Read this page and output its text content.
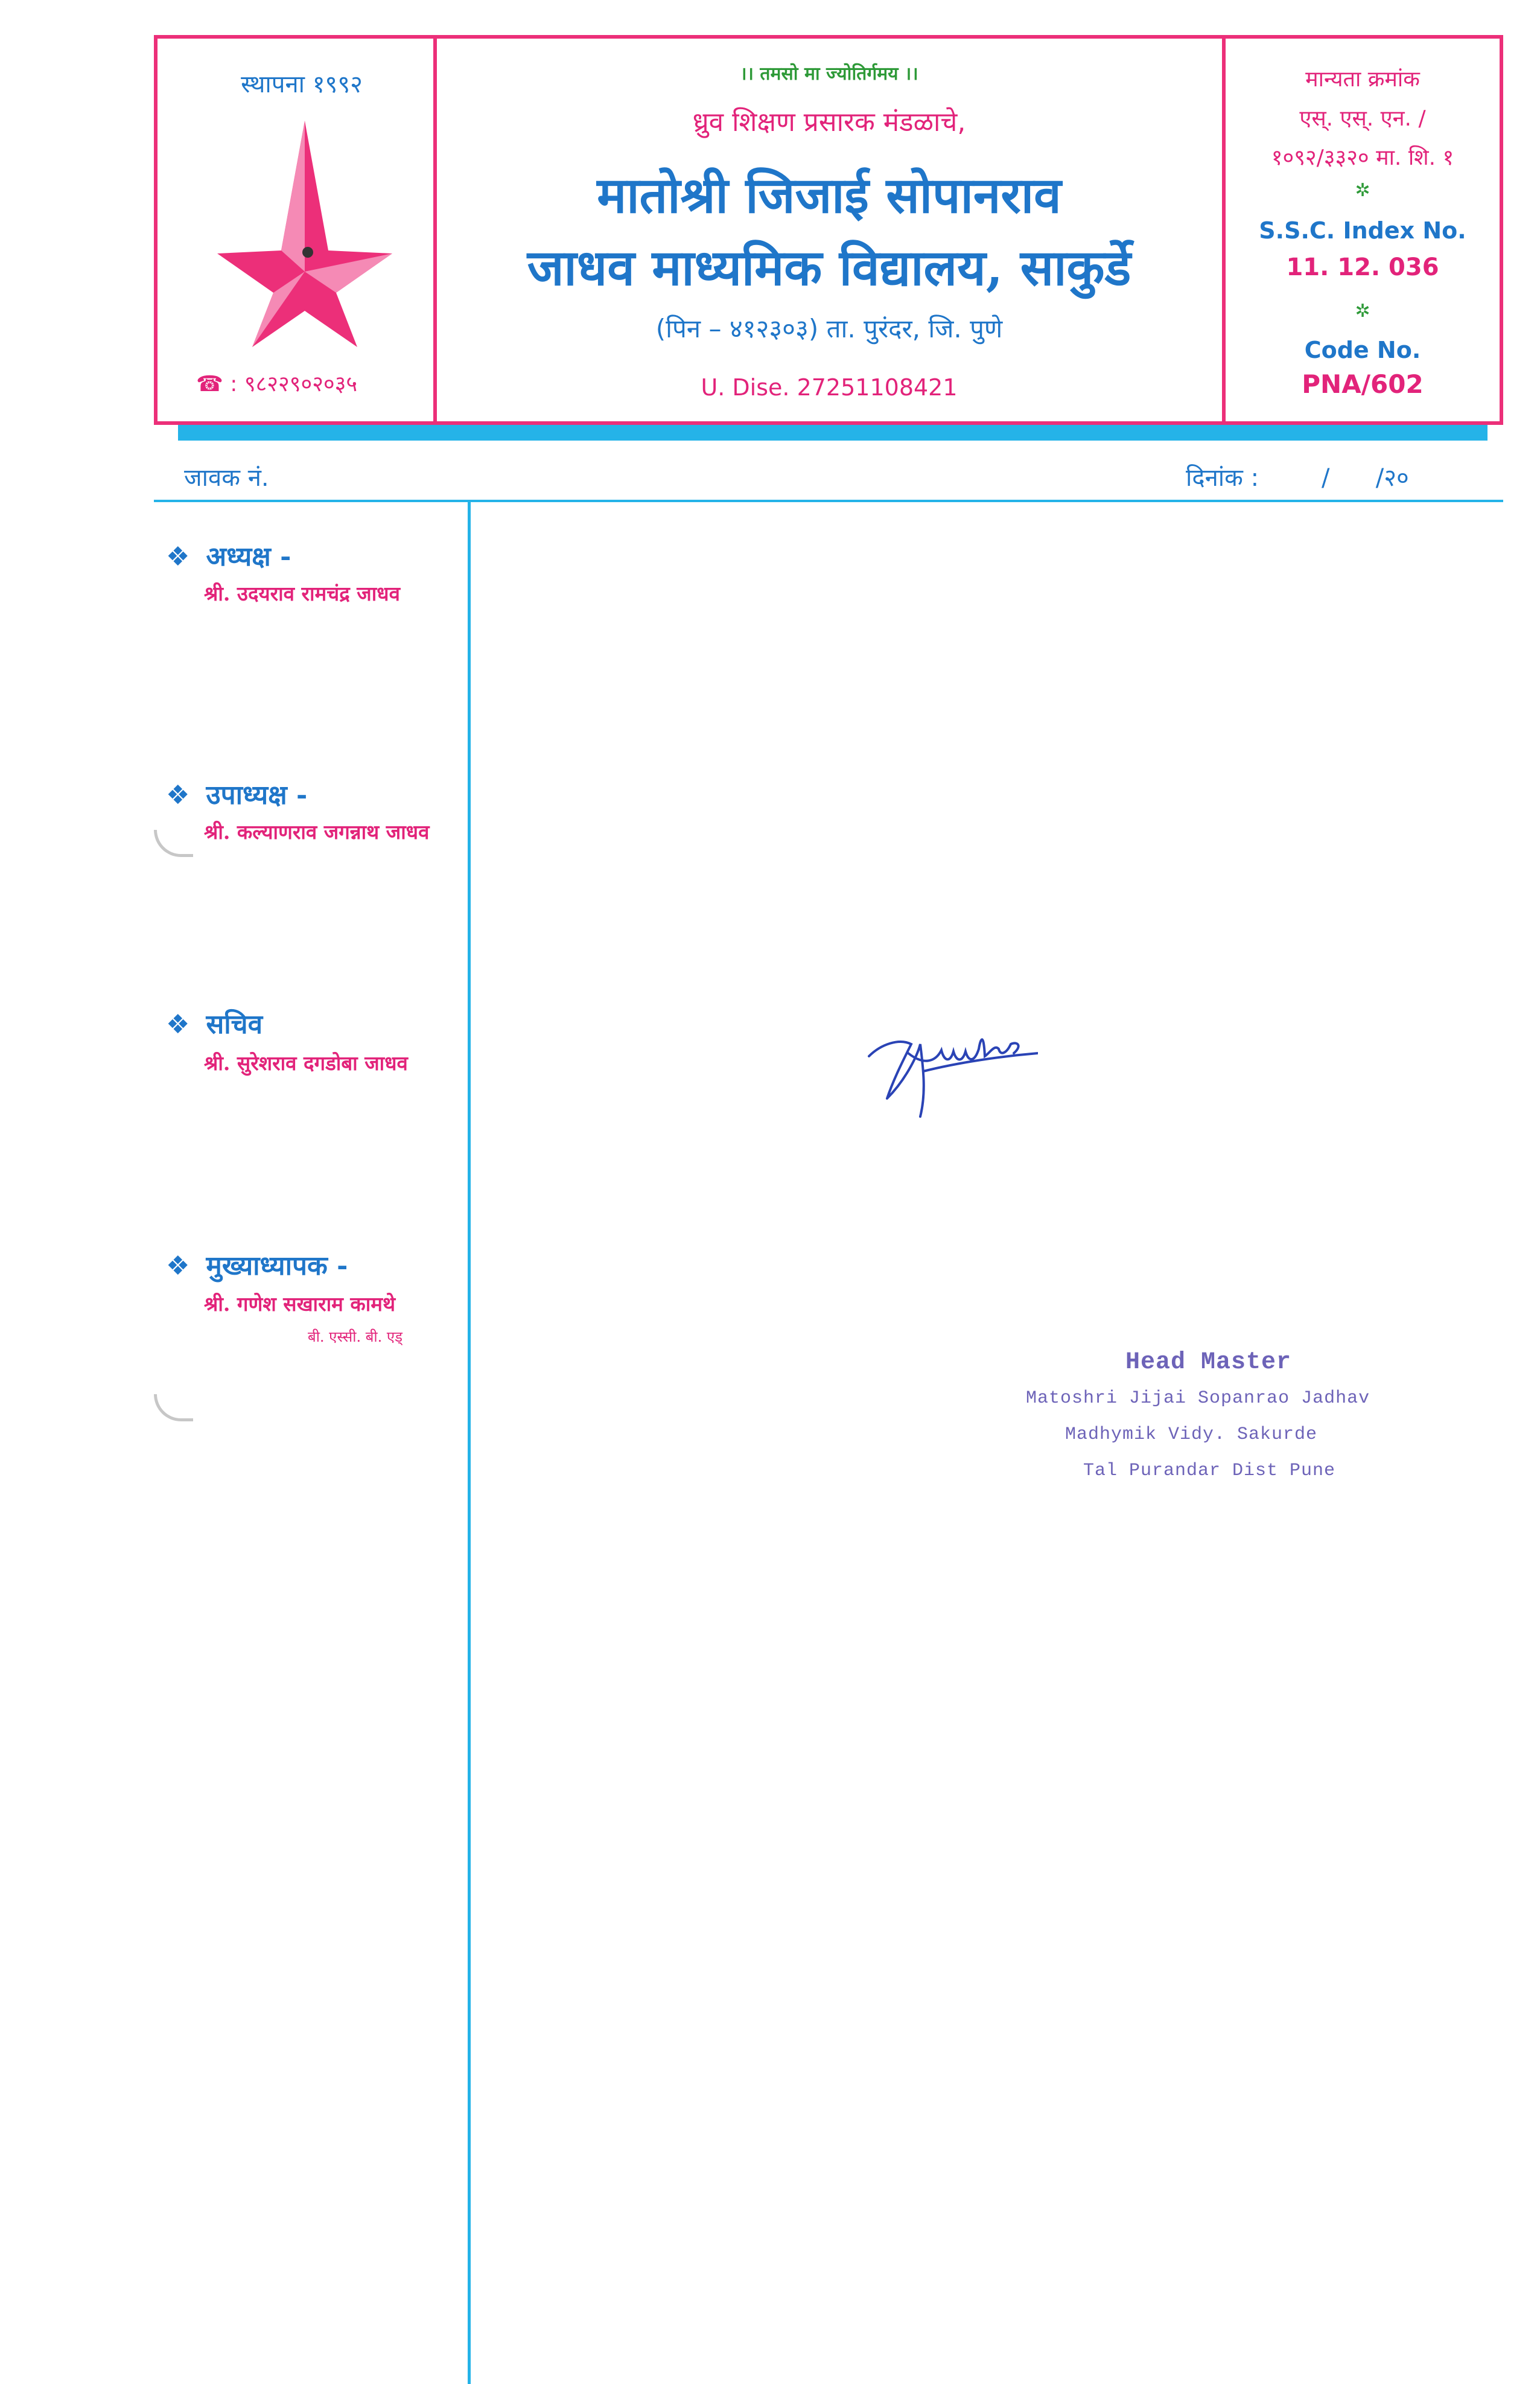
स्थापना १९९२
☎ : ९८२२९०२०३५
।। तमसो मा ज्योतिर्गमय ।।
ध्रुव शिक्षण प्रसारक मंडळाचे,
मातोश्री जिजाई सोपानराव
जाधव माध्यमिक विद्यालय, साकुर्डे
(पिन – ४१२३०३) ता. पुरंदर, जि. पुणे
U. Dise. 27251108421
मान्यता क्रमांक
एस्. एस्. एन. /
१०९२/३३२० मा. शि. १
✲
S.S.C. Index No.
11. 12. 036
✲
Code No.
PNA/602
जावक नं.	दिनांक :	/      /२०
❖ अध्यक्ष -
श्री. उदयराव रामचंद्र जाधव
❖ उपाध्यक्ष -
श्री. कल्याणराव जगन्नाथ जाधव
❖ सचिव
श्री. सुरेशराव दगडोबा जाधव
❖ मुख्याध्यापक -
श्री. गणेश सखाराम कामथे
बी. एस्सी. बी. एड्
Head Master
Matoshri Jijai Sopanrao Jadhav
Madhymik Vidy. Sakurde
Tal Purandar Dist Pune
